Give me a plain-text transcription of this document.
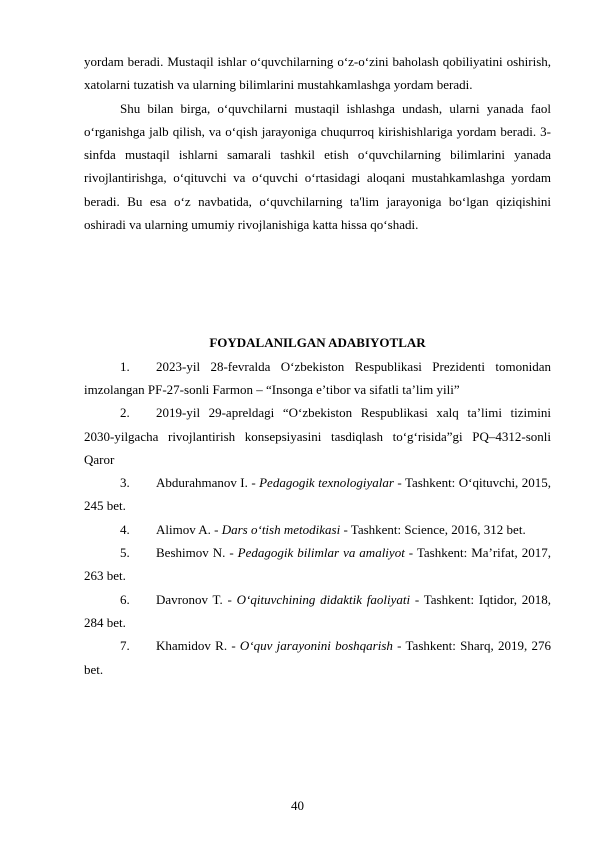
yordam beradi. Mustaqil ishlar o‘quvchilarning o‘z-o‘zini baholash qobiliyatini oshirish, xatolarni tuzatish va ularning bilimlarini mustahkamlashga yordam beradi.

Shu bilan birga, o‘quvchilarni mustaqil ishlashga undash, ularni yanada faol o‘rganishga jalb qilish, va o‘qish jarayoniga chuqurroq kirishishlariga yordam beradi. 3-sinfda mustaqil ishlarni samarali tashkil etish o‘quvchilarning bilimlarini yanada rivojlantirishga, o‘qituvchi va o‘quvchi o‘rtasidagi aloqani mustahkamlashga yordam beradi. Bu esa o‘z navbatida, o‘quvchilarning ta'lim jarayoniga bo‘lgan qiziqishini oshiradi va ularning umumiy rivojlanishiga katta hissa qo‘shadi.

FOYDALANILGAN ADABIYOTLAR

1. 2023-yil 28-fevralda O‘zbekiston Respublikasi Prezidenti tomonidan imzolangan PF-27-sonli Farmon – “Insonga e’tibor va sifatli ta’lim yili”
2. 2019-yil 29-apreldagi “O‘zbekiston Respublikasi xalq ta’limi tizimini 2030-yilgacha rivojlantirish konsepsiyasini tasdiqlash to‘g‘risida”gi PQ–4312-sonli Qaror
3. Abdurahmanov I. - Pedagogik texnologiyalar - Tashkent: O‘qituvchi, 2015, 245 bet.
4. Alimov A. - Dars o‘tish metodikasi - Tashkent: Science, 2016, 312 bet.
5. Beshimov N. - Pedagogik bilimlar va amaliyot - Tashkent: Ma’rifat, 2017, 263 bet.
6. Davronov T. - O‘qituvchining didaktik faoliyati - Tashkent: Iqtidor, 2018, 284 bet.
7. Khamidov R. - O‘quv jarayonini boshqarish - Tashkent: Sharq, 2019, 276 bet.
40
